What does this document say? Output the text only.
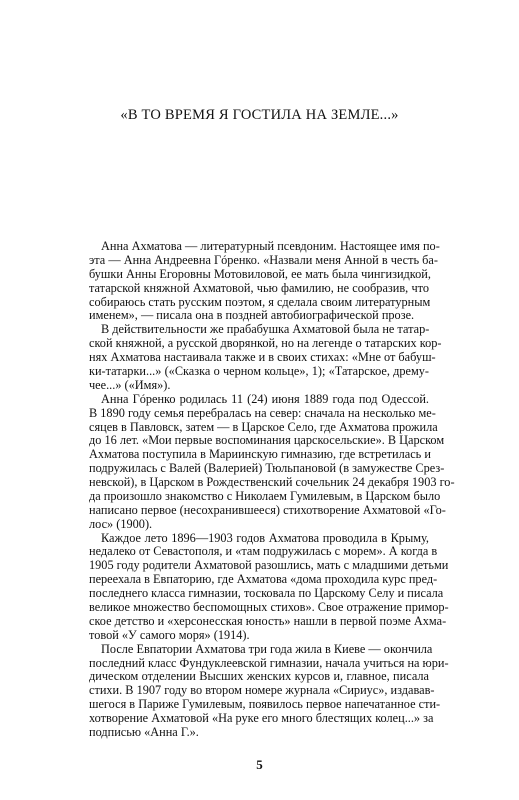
«В ТО ВРЕМЯ Я ГОСТИЛА НА ЗЕМЛЕ...»
Анна Ахматова — литературный псевдоним. Настоящее имя по-
эта — Анна Андреевна Гóренко. «Назвали меня Анной в честь ба-
бушки Анны Егоровны Мотовиловой, ее мать была чингизидкой,
татарской княжной Ахматовой, чью фамилию, не сообразив, что
собираюсь стать русским поэтом, я сделала своим литературным
именем», — писала она в поздней автобиографической прозе.
В действительности же прабабушка Ахматовой была не татар-
ской княжной, а русской дворянкой, но на легенде о татарских кор-
нях Ахматова настаивала также и в своих стихах: «Мне от бабуш-
ки-татарки...» («Сказка о черном кольце», 1); «Татарское, дрему-
чее...» («Имя»).
Анна Гóренко родилась 11 (24) июня 1889 года под Одессой.
В 1890 году семья перебралась на север: сначала на несколько ме-
сяцев в Павловск, затем — в Царское Село, где Ахматова прожила
до 16 лет. «Мои первые воспоминания царскосельские». В Царском
Ахматова поступила в Мариинскую гимназию, где встретилась и
подружилась с Валей (Валерией) Тюльпановой (в замужестве Срез-
невской), в Царском в Рождественский сочельник 24 декабря 1903 го-
да произошло знакомство с Николаем Гумилевым, в Царском было
написано первое (несохранившееся) стихотворение Ахматовой «Го-
лос» (1900).
Каждое лето 1896—1903 годов Ахматова проводила в Крыму,
недалеко от Севастополя, и «там подружилась с морем». А когда в
1905 году родители Ахматовой разошлись, мать с младшими детьми
переехала в Евпаторию, где Ахматова «дома проходила курс пред-
последнего класса гимназии, тосковала по Царскому Селу и писала
великое множество беспомощных стихов». Свое отражение примор-
ское детство и «херсонесская юность» нашли в первой поэме Ахма-
товой «У самого моря» (1914).
После Евпатории Ахматова три года жила в Киеве — окончила
последний класс Фундуклеевской гимназии, начала учиться на юри-
дическом отделении Высших женских курсов и, главное, писала
стихи. В 1907 году во втором номере журнала «Сириус», издавав-
шегося в Париже Гумилевым, появилось первое напечатанное сти-
хотворение Ахматовой «На руке его много блестящих колец...» за
подписью «Анна Г.».
5
